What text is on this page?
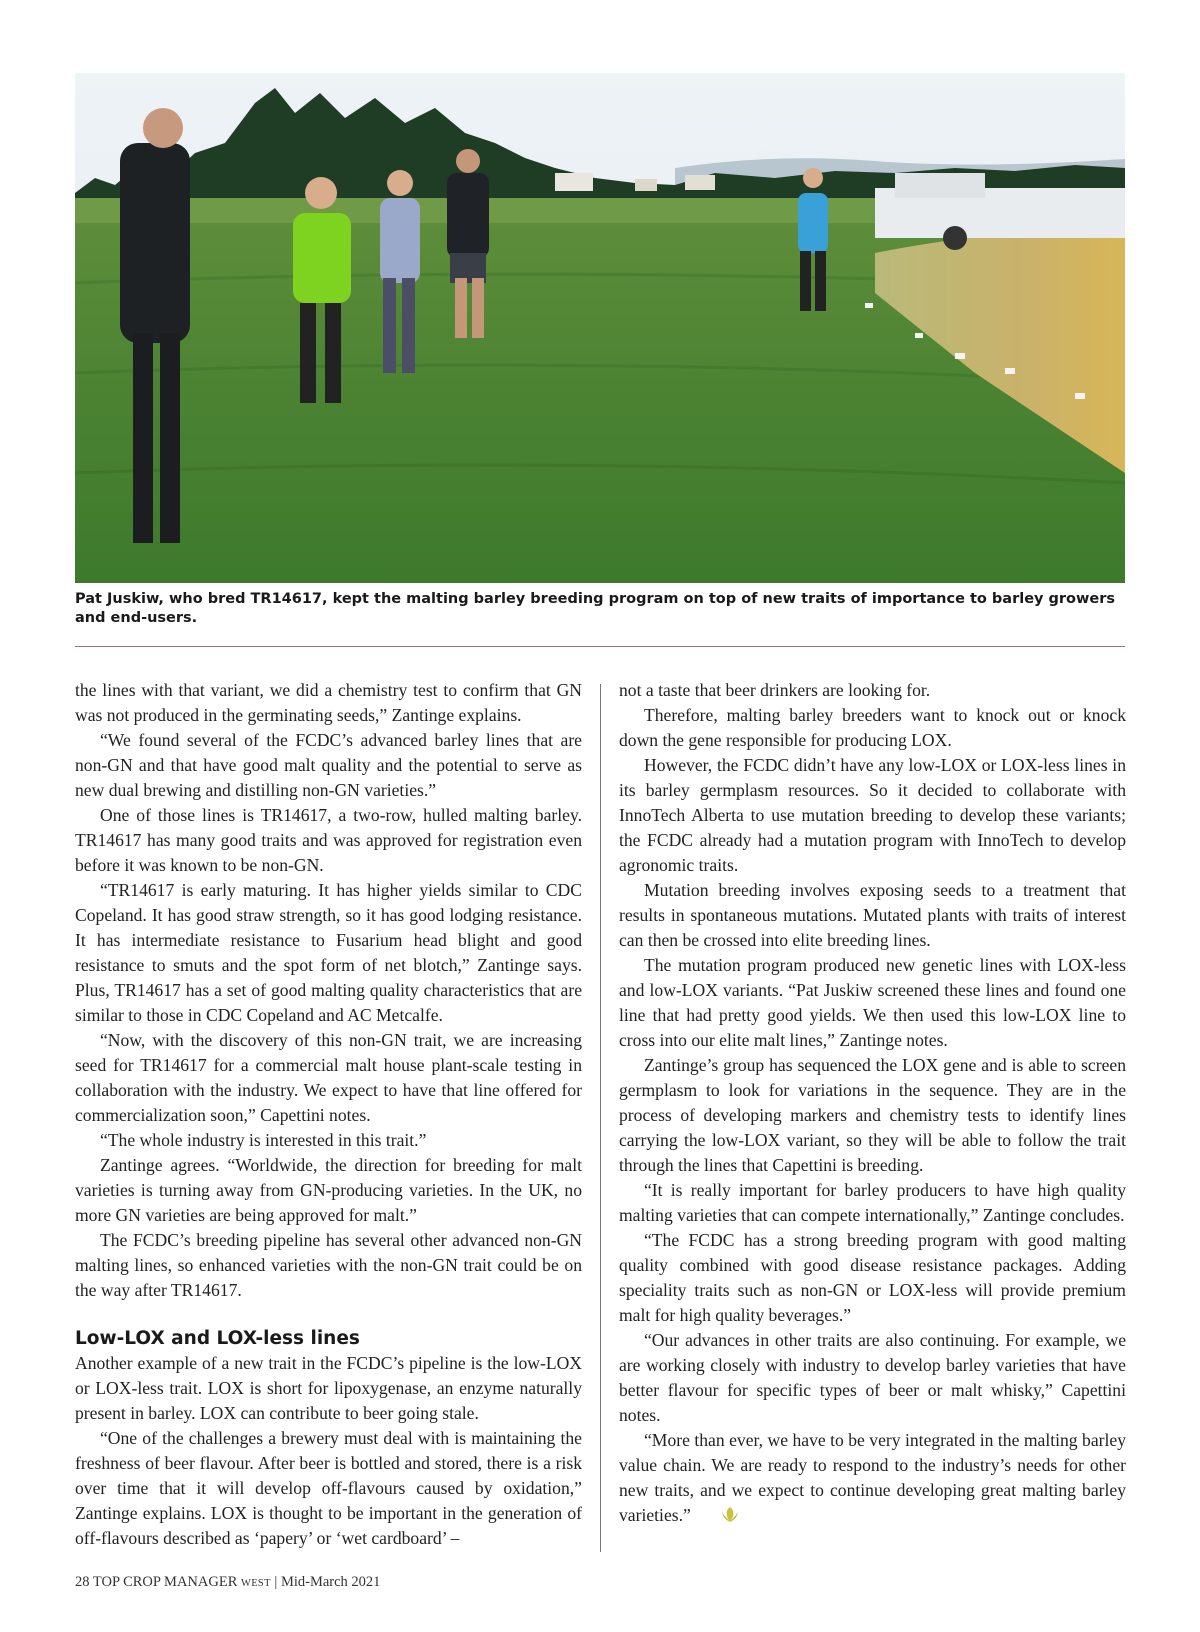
Pat Juskiw, who bred TR14617, kept the malting barley breeding program on top of new traits of importance to barley growers and end-users.

the lines with that variant, we did a chemistry test to confirm that GN was not produced in the germinating seeds,” Zantinge explains.

“We found several of the FCDC’s advanced barley lines that are non-GN and that have good malt quality and the potential to serve as new dual brewing and distilling non-GN varieties.”

One of those lines is TR14617, a two-row, hulled malting barley. TR14617 has many good traits and was approved for registration even before it was known to be non-GN.

“TR14617 is early maturing. It has higher yields similar to CDC Copeland. It has good straw strength, so it has good lodging resistance. It has intermediate resistance to Fusarium head blight and good resistance to smuts and the spot form of net blotch,” Zantinge says. Plus, TR14617 has a set of good malting quality characteristics that are similar to those in CDC Copeland and AC Metcalfe.

“Now, with the discovery of this non-GN trait, we are increasing seed for TR14617 for a commercial malt house plant-scale testing in collaboration with the industry. We expect to have that line offered for commercialization soon,” Capettini notes.

“The whole industry is interested in this trait.”

Zantinge agrees. “Worldwide, the direction for breeding for malt varieties is turning away from GN-producing varieties. In the UK, no more GN varieties are being approved for malt.”

The FCDC’s breeding pipeline has several other advanced non-GN malting lines, so enhanced varieties with the non-GN trait could be on the way after TR14617.

Low-LOX and LOX-less lines

Another example of a new trait in the FCDC’s pipeline is the low-LOX or LOX-less trait. LOX is short for lipoxygenase, an enzyme naturally present in barley. LOX can contribute to beer going stale.

“One of the challenges a brewery must deal with is maintaining the freshness of beer flavour. After beer is bottled and stored, there is a risk over time that it will develop off-flavours caused by oxidation,” Zantinge explains. LOX is thought to be important in the generation of off-flavours described as ‘papery’ or ‘wet cardboard’ –

not a taste that beer drinkers are looking for.

Therefore, malting barley breeders want to knock out or knock down the gene responsible for producing LOX.

However, the FCDC didn’t have any low-LOX or LOX-less lines in its barley germplasm resources. So it decided to collaborate with InnoTech Alberta to use mutation breeding to develop these variants; the FCDC already had a mutation program with InnoTech to develop agronomic traits.

Mutation breeding involves exposing seeds to a treatment that results in spontaneous mutations. Mutated plants with traits of interest can then be crossed into elite breeding lines.

The mutation program produced new genetic lines with LOX-less and low-LOX variants. “Pat Juskiw screened these lines and found one line that had pretty good yields. We then used this low-LOX line to cross into our elite malt lines,” Zantinge notes.

Zantinge’s group has sequenced the LOX gene and is able to screen germplasm to look for variations in the sequence. They are in the process of developing markers and chemistry tests to identify lines carrying the low-LOX variant, so they will be able to follow the trait through the lines that Capettini is breeding.

“It is really important for barley producers to have high quality malting varieties that can compete internationally,” Zantinge concludes.

“The FCDC has a strong breeding program with good malting quality combined with good disease resistance packages. Adding speciality traits such as non-GN or LOX-less will provide premium malt for high quality beverages.”

“Our advances in other traits are also continuing. For example, we are working closely with industry to develop barley varieties that have better flavour for specific types of beer or malt whisky,” Capettini notes.

“More than ever, we have to be very integrated in the malting barley value chain. We are ready to respond to the industry’s needs for other new traits, and we expect to continue developing great malting barley varieties.”

28 TOP CROP MANAGER WEST | Mid-March 2021
